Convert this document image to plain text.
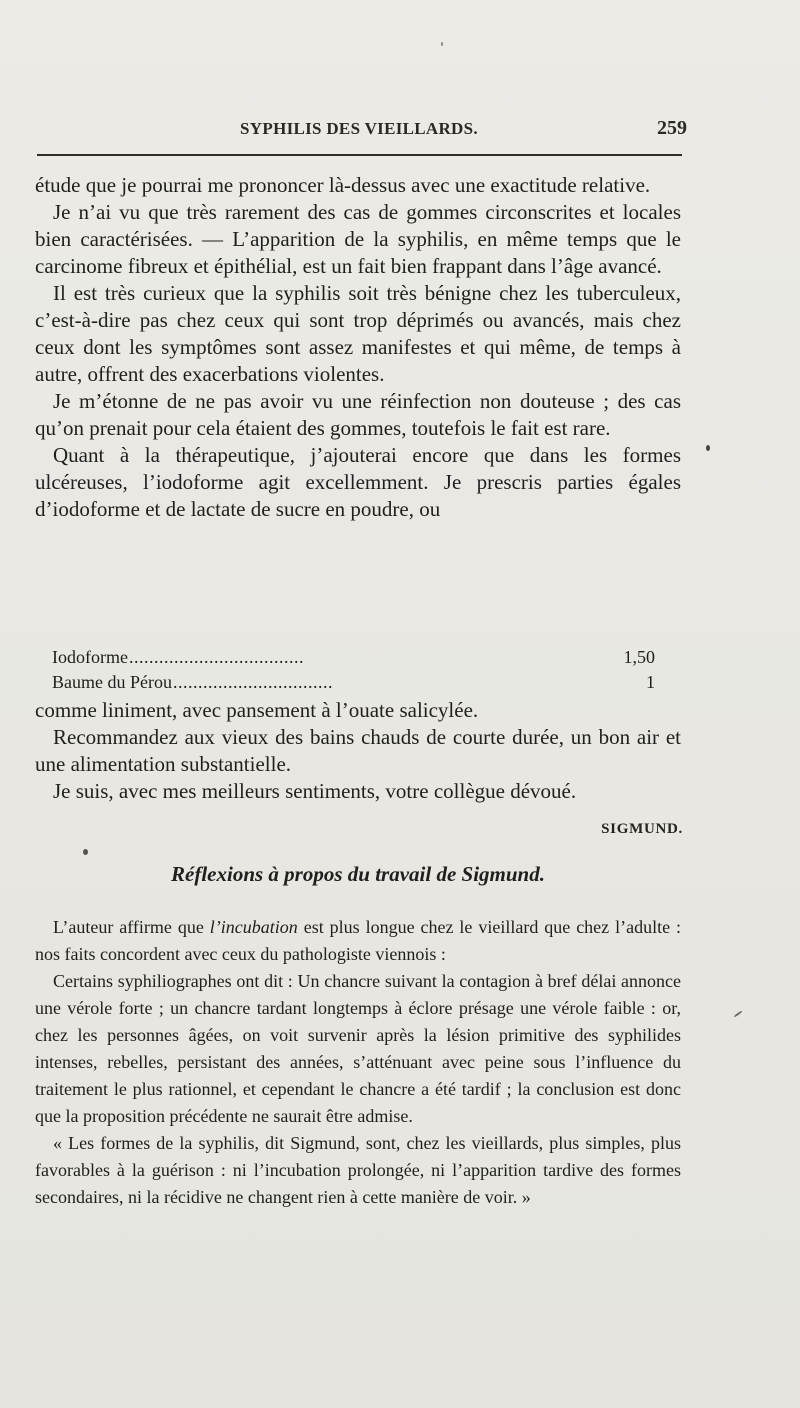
SYPHILIS DES VIEILLARDS.	259

étude que je pourrai me prononcer là-dessus avec une exactitude relative.

Je n’ai vu que très rarement des cas de gommes circonscrites et locales bien caractérisées. — L’apparition de la syphilis, en même temps que le carcinome fibreux et épithélial, est un fait bien frappant dans l’âge avancé.

Il est très curieux que la syphilis soit très bénigne chez les tuberculeux, c’est-à-dire pas chez ceux qui sont trop déprimés ou avancés, mais chez ceux dont les symptômes sont assez manifestes et qui même, de temps à autre, offrent des exacerbations violentes.

Je m’étonne de ne pas avoir vu une réinfection non douteuse ; des cas qu’on prenait pour cela étaient des gommes, toutefois le fait est rare.

Quant à la thérapeutique, j’ajouterai encore que dans les formes ulcéreuses, l’iodoforme agit excellemment. Je prescris parties égales d’iodoforme et de lactate de sucre en poudre, ou

Iodoforme ...................................	1,50
Baume du Pérou ................................	1

comme liniment, avec pansement à l’ouate salicylée.

Recommandez aux vieux des bains chauds de courte durée, un bon air et une alimentation substantielle.

Je suis, avec mes meilleurs sentiments, votre collègue dévoué.

SIGMUND.
Réflexions à propos du travail de Sigmund.

L’auteur affirme que l’incubation est plus longue chez le vieillard que chez l’adulte : nos faits concordent avec ceux du pathologiste viennois :

Certains syphiliographes ont dit : Un chancre suivant la contagion à bref délai annonce une vérole forte ; un chancre tardant longtemps à éclore présage une vérole faible : or, chez les personnes âgées, on voit survenir après la lésion primitive des syphilides intenses, rebelles, persistant des années, s’atténuant avec peine sous l’influence du traitement le plus rationnel, et cependant le chancre a été tardif ; la conclusion est donc que la proposition précédente ne saurait être admise.

« Les formes de la syphilis, dit Sigmund, sont, chez les vieillards, plus simples, plus favorables à la guérison : ni l’incubation prolongée, ni l’apparition tardive des formes secondaires, ni la récidive ne changent rien à cette manière de voir. »
